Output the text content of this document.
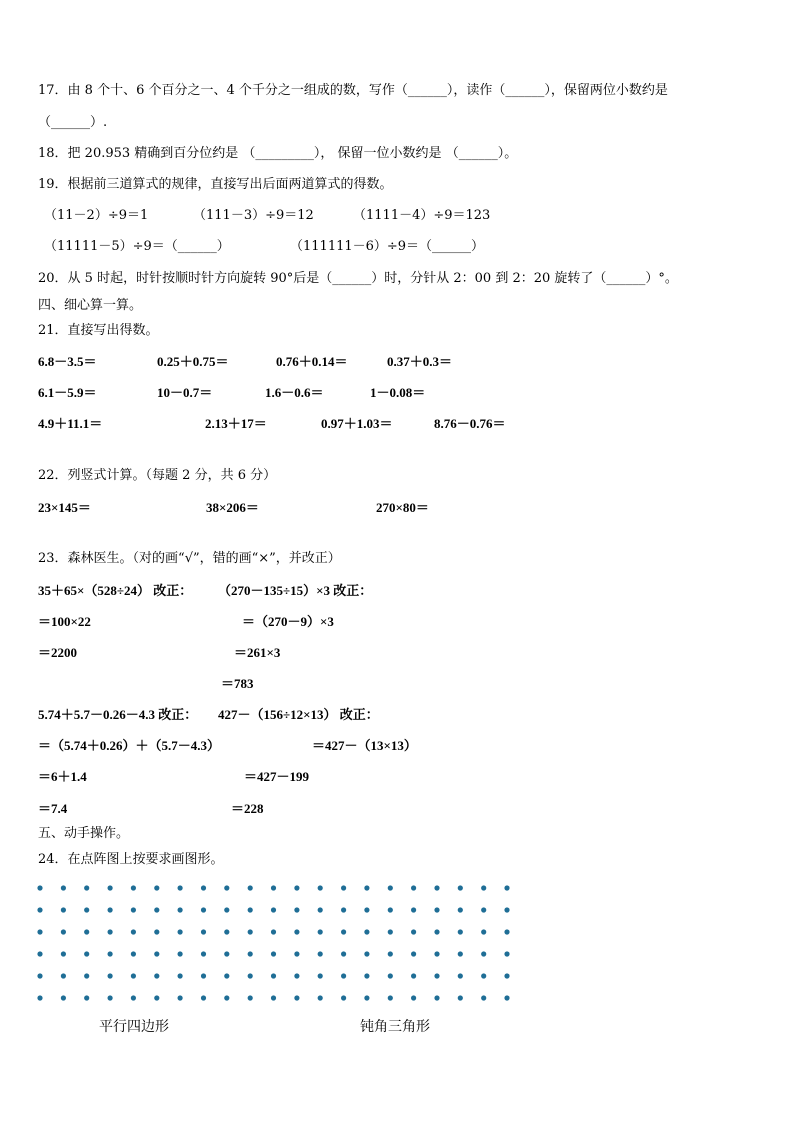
17．由 8 个十、6 个百分之一、4 个千分之一组成的数，写作（______），读作（______），保留两位小数约是
（______）.
18．把 20.953 精确到百分位约是 （_________）， 保留一位小数约是 （______）。
19．根据前三道算式的规律，直接写出后面两道算式的得数。
（11－2）÷9＝1	（111－3）÷9＝12	（1111－4）÷9＝123
（11111－5）÷9＝（______）	（111111－6）÷9＝（______）
20．从 5 时起，时针按顺时针方向旋转 90°后是（______）时，分针从 2：00 到 2：20 旋转了（______）°。
四、细心算一算。
21．直接写出得数。
6.8－3.5＝	0.25＋0.75＝	0.76＋0.14＝	0.37＋0.3＝
6.1－5.9＝	10－0.7＝	1.6－0.6＝	1－0.08＝
4.9＋11.1＝	2.13＋17＝	0.97＋1.03＝	8.76－0.76＝
22．列竖式计算。（每题 2 分，共 6 分）
23×145＝	38×206＝	270×80＝
23．森林医生。（对的画“√”，错的画“×”，并改正）
35＋65×（528÷24） 改正：
＝100×22
＝2200
（270－135÷15）×3 改正：
＝（270－9）×3
＝261×3
＝783
5.74＋5.7－0.26－4.3 改正：
＝（5.74＋0.26）＋（5.7－4.3）
＝6＋1.4
＝7.4
427－（156÷12×13） 改正：
＝427－（13×13）
＝427－199
＝228
五、动手操作。
24．在点阵图上按要求画图形。
平行四边形	钝角三角形
